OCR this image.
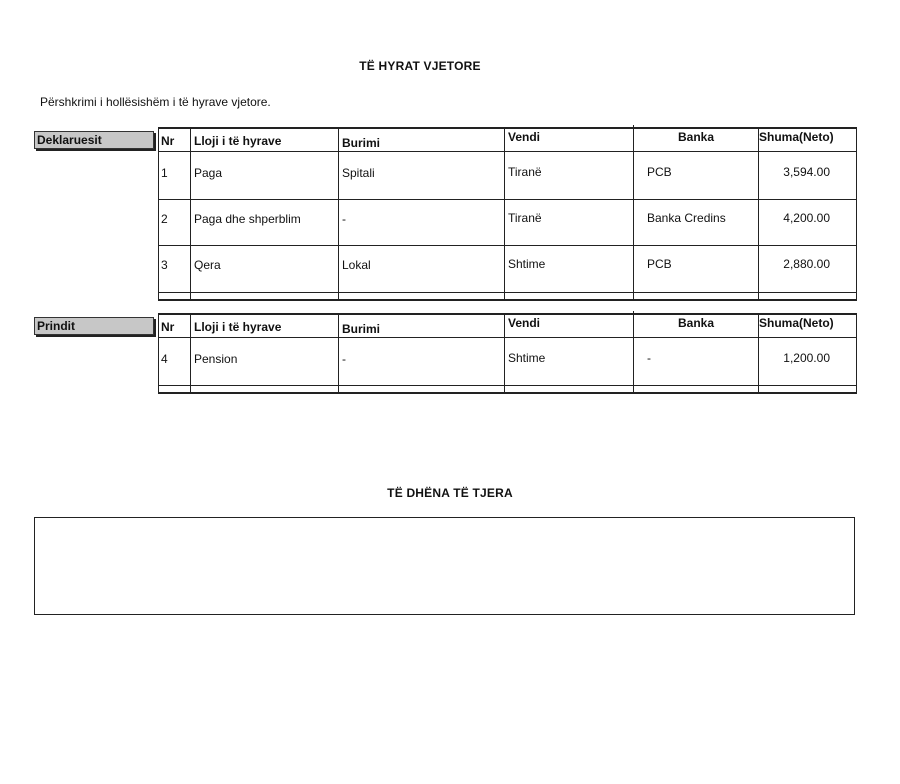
TË HYRAT VJETORE
Përshkrimi i hollësishëm i të hyrave vjetore.
Deklaruesit	Nr Lloji i të hyrave	Burimi	Vendi	Banka	Shuma(Neto)
1 Paga	Spitali	Tiranë	PCB	3,594.00
2 Paga dhe shperblim	-	Tiranë	Banka Credins	4,200.00
3 Qera	Lokal	Shtime	PCB	2,880.00
Prindit	Nr Lloji i të hyrave	Burimi	Vendi	Banka	Shuma(Neto)
4 Pension	-	Shtime	-	1,200.00
TË DHËNA TË TJERA
